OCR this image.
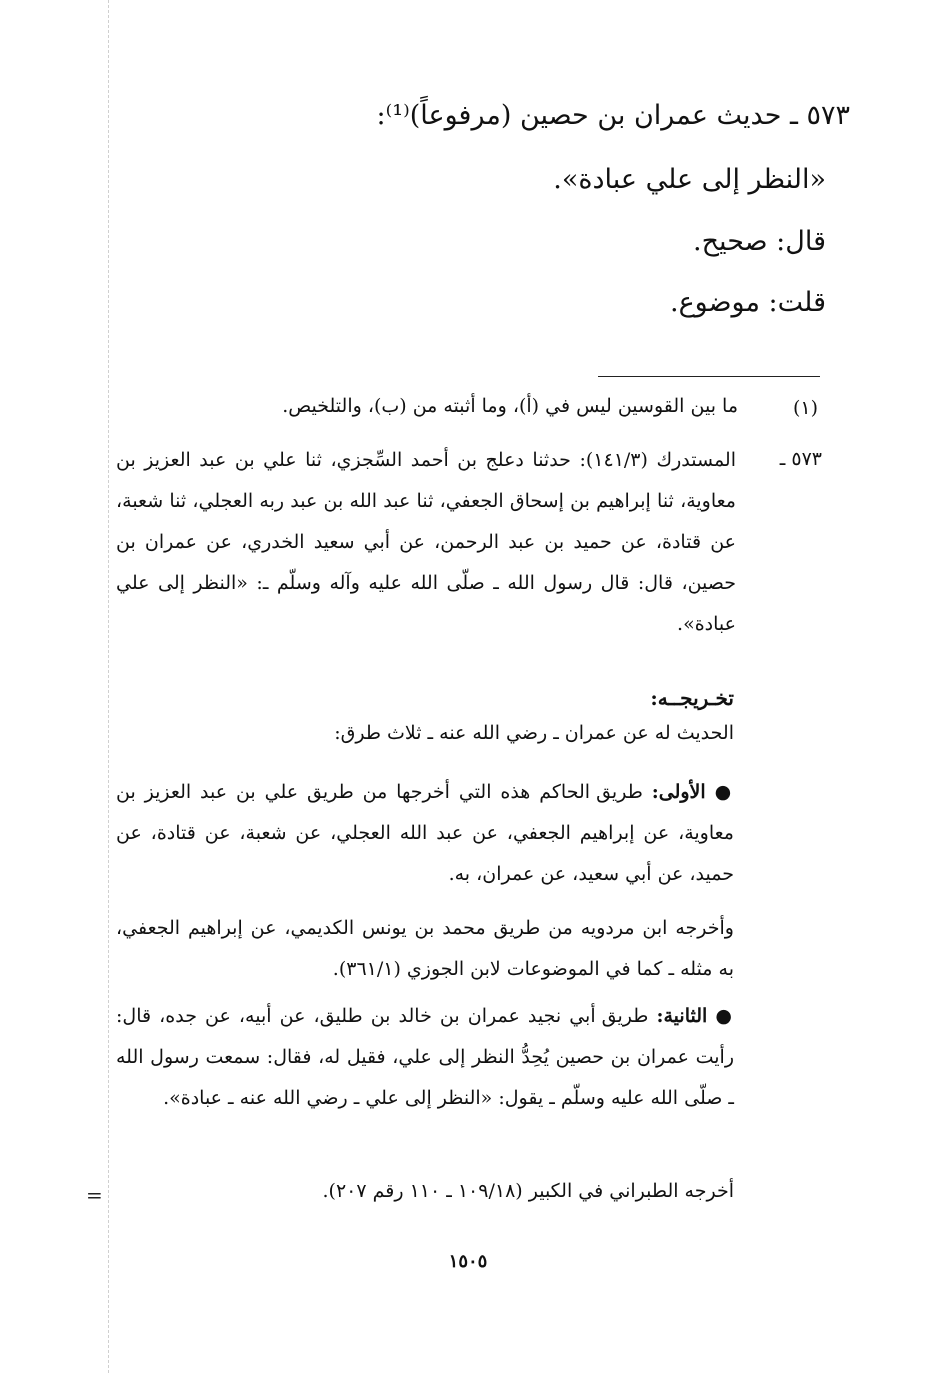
٥٧٣ ـ حديث عمران بن حصين (مرفوعاً)⁽¹⁾:
«النظر إلى علي عبادة».
قال: صحيح.
قلت: موضوع.
(١)
ما بين القوسين ليس في (أ)، وما أثبته من (ب)، والتلخيص.
٥٧٣ ـ
المستدرك (١٤١/٣): حدثنا دعلج بن أحمد السِّجزي، ثنا علي بن عبد العزيز بن معاوية، ثنا إبراهيم بن إسحاق الجعفي، ثنا عبد الله بن عبد ربه العجلي، ثنا شعبة، عن قتادة، عن حميد بن عبد الرحمن، عن أبي سعيد الخدري، عن عمران بن حصين، قال: قال رسول الله ـ صلّى الله عليه وآله وسلّم ـ: «النظر إلى علي عبادة».
تخـريجــه:
الحديث له عن عمران ـ رضي الله عنه ـ ثلاث طرق:
● الأولى: طريق الحاكم هذه التي أخرجها من طريق علي بن عبد العزيز بن معاوية، عن إبراهيم الجعفي، عن عبد الله العجلي، عن شعبة، عن قتادة، عن حميد، عن أبي سعيد، عن عمران، به.
وأخرجه ابن مردويه من طريق محمد بن يونس الكديمي، عن إبراهيم الجعفي، به مثله ـ كما في الموضوعات لابن الجوزي (٣٦١/١).
● الثانية: طريق أبي نجيد عمران بن خالد بن طليق، عن أبيه، عن جده، قال: رأيت عمران بن حصين يُحِدُّ النظر إلى علي، فقيل له، فقال: سمعت رسول الله ـ صلّى الله عليه وسلّم ـ يقول: «النظر إلى علي ـ رضي الله عنه ـ عبادة».
أخرجه الطبراني في الكبير (١٠٩/١٨ ـ ١١٠ رقم ٢٠٧).
=
١٥٠٥
